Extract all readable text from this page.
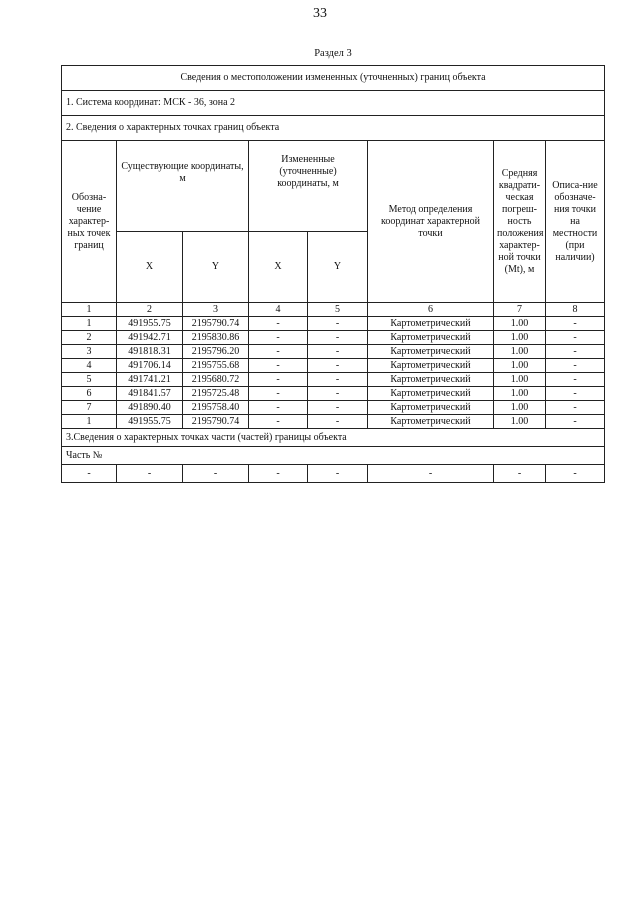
33
Раздел 3
Сведения о местоположении измененных (уточненных) границ объекта							
1. Система координат: МСК - 36, зона 2							
2. Сведения о характерных точках границ объекта							
Обозна-чение характер-ных точек границ	Существующие координаты, м		Измененные (уточненные) координаты, м		Метод определения координат характерной точки	Средняя квадрати-ческая погреш-ность положения характер-ной точки (Mt), м	Описа-ние обозначе-ния точки на местности (при наличии)
	X	Y	X	Y			
1	2	3	4	5	6	7	8
1	491955.75	2195790.74	-	-	Картометрический	1.00	-
2	491942.71	2195830.86	-	-	Картометрический	1.00	-
3	491818.31	2195796.20	-	-	Картометрический	1.00	-
4	491706.14	2195755.68	-	-	Картометрический	1.00	-
5	491741.21	2195680.72	-	-	Картометрический	1.00	-
6	491841.57	2195725.48	-	-	Картометрический	1.00	-
7	491890.40	2195758.40	-	-	Картометрический	1.00	-
1	491955.75	2195790.74	-	-	Картометрический	1.00	-
3.Сведения о характерных точках части (частей) границы объекта							
Часть №							
-	-	-	-	-	-	-	-
